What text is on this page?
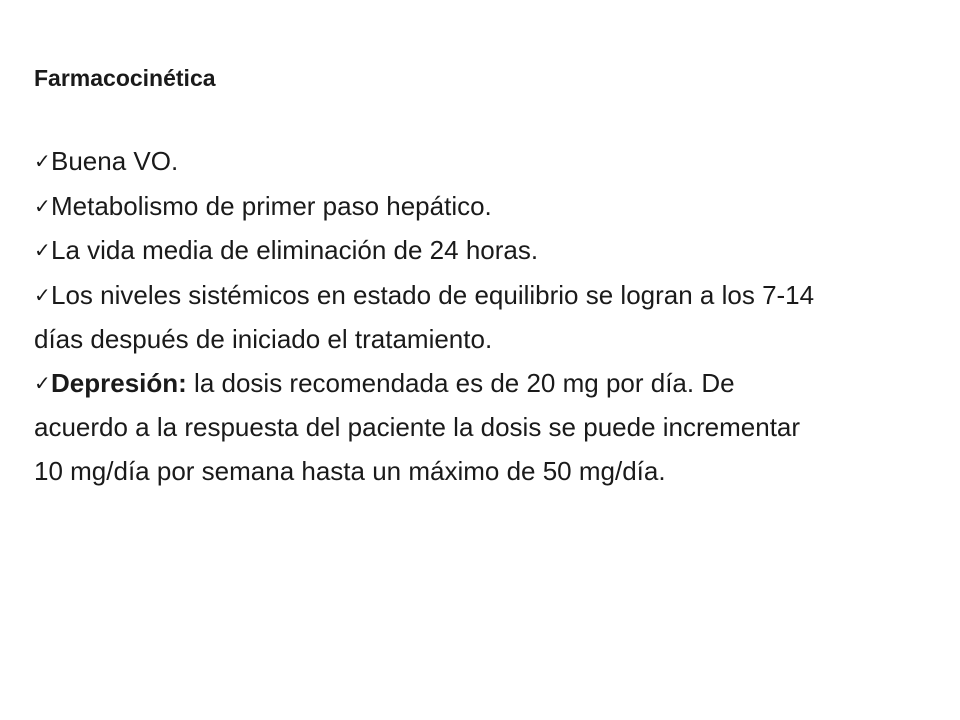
Farmacocinética
✓Buena VO.
✓Metabolismo de primer paso hepático.
✓La vida media de eliminación de 24 horas.
✓Los niveles sistémicos en estado de equilibrio se logran a los 7-14 días después de iniciado el tratamiento.
✓Depresión: la dosis recomendada es de 20 mg por día. De acuerdo a la respuesta del paciente la dosis se puede incrementar 10 mg/día por semana hasta un máximo de 50 mg/día.
